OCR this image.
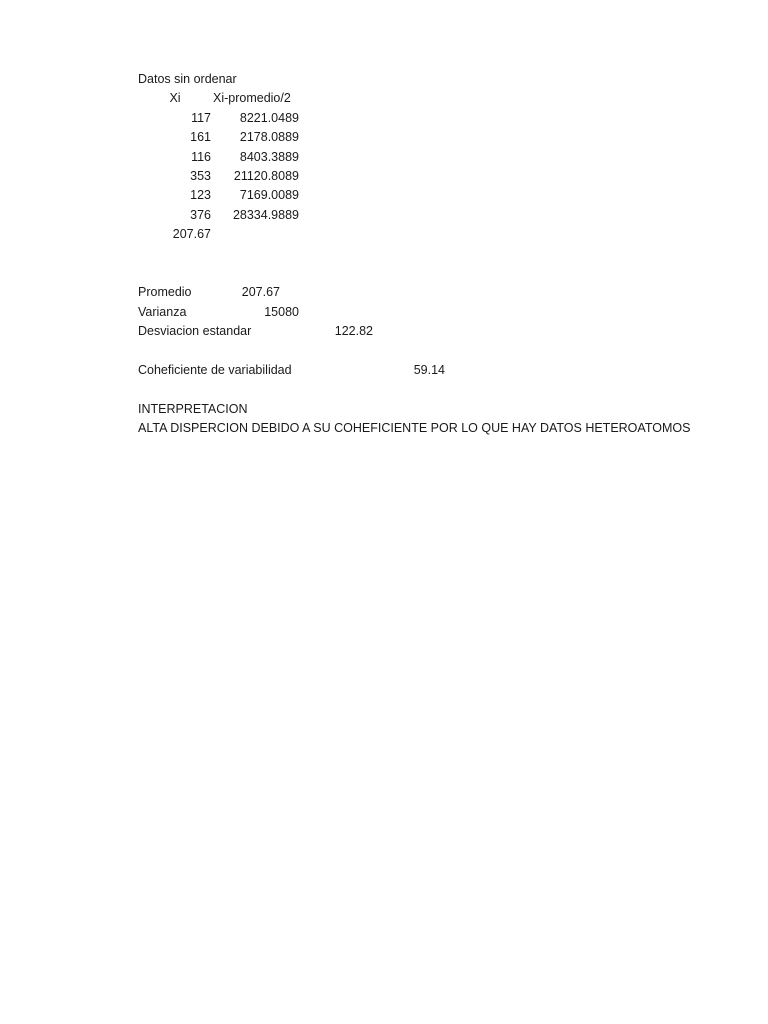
Datos sin ordenar
Xi	Xi-promedio/2
117	8221.0489
161	2178.0889
116	8403.3889
353	21120.8089
123	7169.0089
376	28334.9889
207.67
Promedio	207.67
Varianza	15080
Desviacion estandar	122.82
Coheficiente de variabilidad	59.14
INTERPRETACION
ALTA DISPERCION DEBIDO A SU COHEFICIENTE POR LO QUE HAY DATOS HETEROATOMOS
